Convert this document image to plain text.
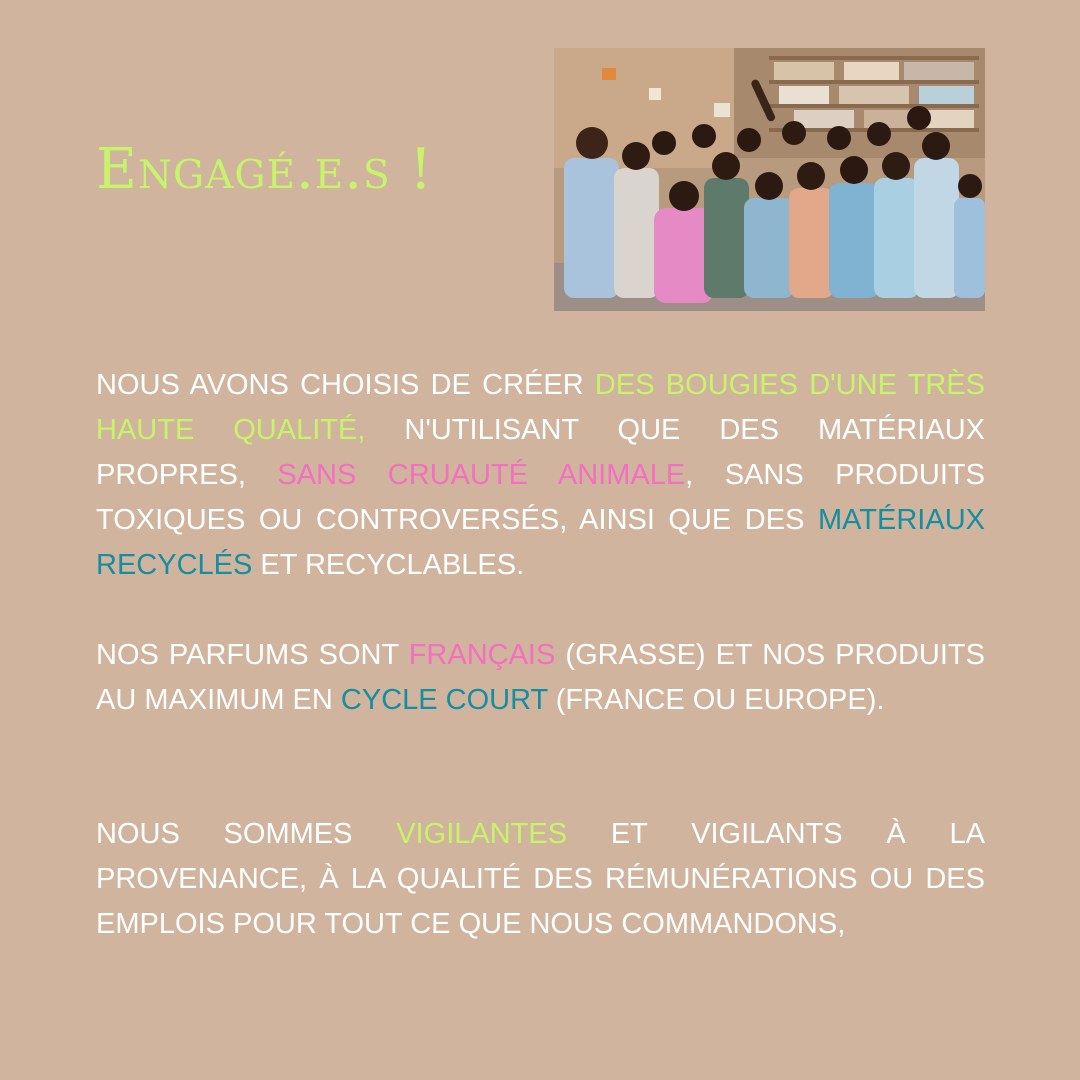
Engagé.e.s !

NOUS AVONS CHOISIS DE CRÉER DES BOUGIES D'UNE TRÈS HAUTE QUALITÉ, N'UTILISANT QUE DES MATÉRIAUX PROPRES, SANS CRUAUTÉ ANIMALE, SANS PRODUITS TOXIQUES OU CONTROVERSÉS, AINSI QUE DES MATÉRIAUX RECYCLÉS ET RECYCLABLES.

NOS PARFUMS SONT FRANÇAIS (GRASSE) ET NOS PRODUITS AU MAXIMUM EN CYCLE COURT (FRANCE OU EUROPE).

NOUS SOMMES VIGILANTES ET VIGILANTS À LA PROVENANCE, À LA QUALITÉ DES RÉMUNÉRATIONS OU DES EMPLOIS POUR TOUT CE QUE NOUS COMMANDONS,
